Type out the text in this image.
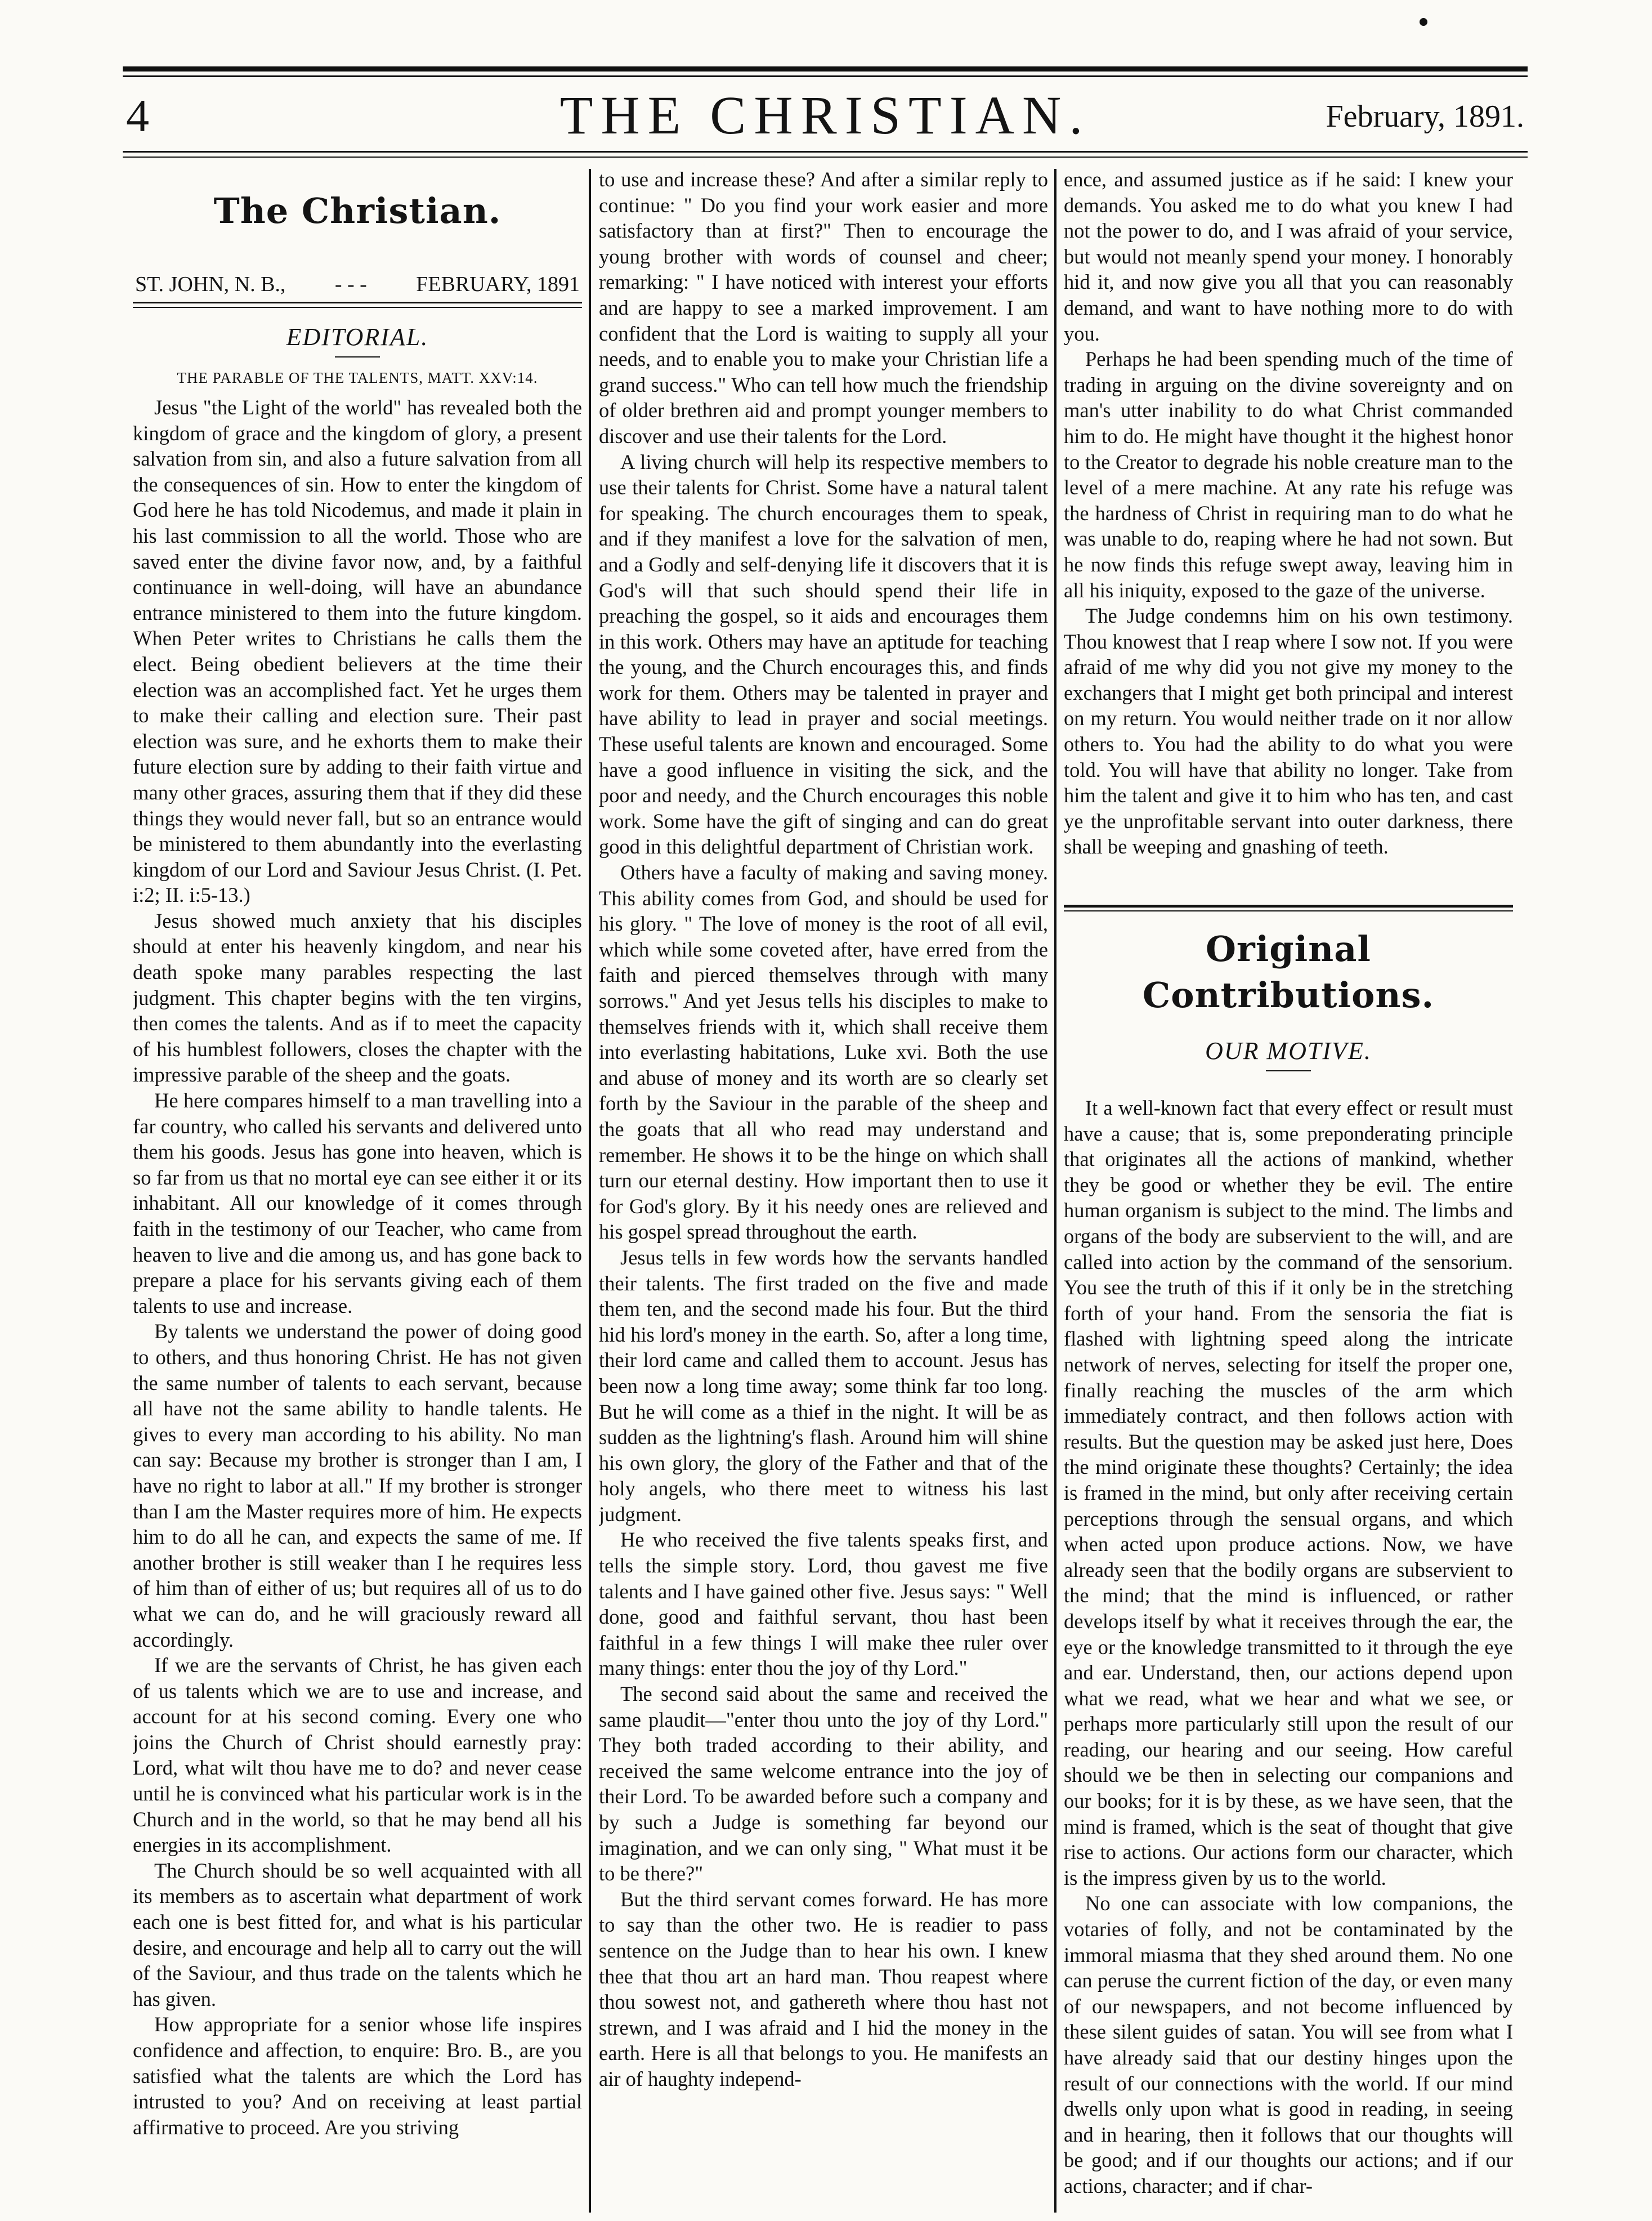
4	THE CHRISTIAN.	February, 1891.
The Christian.
ST. JOHN, N. B., - - - FEBRUARY, 1891
EDITORIAL.
THE PARABLE OF THE TALENTS, MATT. XXV:14.

Jesus "the Light of the world" has revealed both the kingdom of grace and the kingdom of glory, a present salvation from sin, and also a future salvation from all the consequences of sin. How to enter the kingdom of God here he has told Nicodemus, and made it plain in his last commission to all the world. Those who are saved enter the divine favor now, and, by a faithful continuance in well-doing, will have an abundance entrance ministered to them into the future kingdom. When Peter writes to Christians he calls them the elect. Being obedient believers at the time their election was an accomplished fact. Yet he urges them to make their calling and election sure. Their past election was sure, and he exhorts them to make their future election sure by adding to their faith virtue and many other graces, assuring them that if they did these things they would never fall, but so an entrance would be ministered to them abundantly into the everlasting kingdom of our Lord and Saviour Jesus Christ. (I. Pet. i:2; II. i:5-13.)

Jesus showed much anxiety that his disciples should at enter his heavenly kingdom, and near his death spoke many parables respecting the last judgment. This chapter begins with the ten virgins, then comes the talents. And as if to meet the capacity of his humblest followers, closes the chapter with the impressive parable of the sheep and the goats.

He here compares himself to a man travelling into a far country, who called his servants and delivered unto them his goods. Jesus has gone into heaven, which is so far from us that no mortal eye can see either it or its inhabitant. All our knowledge of it comes through faith in the testimony of our Teacher, who came from heaven to live and die among us, and has gone back to prepare a place for his servants giving each of them talents to use and increase.

By talents we understand the power of doing good to others, and thus honoring Christ. He has not given the same number of talents to each servant, because all have not the same ability to handle talents. He gives to every man according to his ability. No man can say: Because my brother is stronger than I am, I have no right to labor at all." If my brother is stronger than I am the Master requires more of him. He expects him to do all he can, and expects the same of me. If another brother is still weaker than I he requires less of him than of either of us; but requires all of us to do what we can do, and he will graciously reward all accordingly.

If we are the servants of Christ, he has given each of us talents which we are to use and increase, and account for at his second coming. Every one who joins the Church of Christ should earnestly pray: Lord, what wilt thou have me to do? and never cease until he is convinced what his particular work is in the Church and in the world, so that he may bend all his energies in its accomplishment.

The Church should be so well acquainted with all its members as to ascertain what department of work each one is best fitted for, and what is his particular desire, and encourage and help all to carry out the will of the Saviour, and thus trade on the talents which he has given.

How appropriate for a senior whose life inspires confidence and affection, to enquire: Bro. B., are you satisfied what the talents are which the Lord has intrusted to you? And on receiving at least partial affirmative to proceed. Are you striving

to use and increase these? And after a similar reply to continue: " Do you find your work easier and more satisfactory than at first?" Then to encourage the young brother with words of counsel and cheer; remarking: " I have noticed with interest your efforts and are happy to see a marked improvement. I am confident that the Lord is waiting to supply all your needs, and to enable you to make your Christian life a grand success." Who can tell how much the friendship of older brethren aid and prompt younger members to discover and use their talents for the Lord.

A living church will help its respective members to use their talents for Christ. Some have a natural talent for speaking. The church encourages them to speak, and if they manifest a love for the salvation of men, and a Godly and self-denying life it discovers that it is God's will that such should spend their life in preaching the gospel, so it aids and encourages them in this work. Others may have an aptitude for teaching the young, and the Church encourages this, and finds work for them. Others may be talented in prayer and have ability to lead in prayer and social meetings. These useful talents are known and encouraged. Some have a good influence in visiting the sick, and the poor and needy, and the Church encourages this noble work. Some have the gift of singing and can do great good in this delightful department of Christian work.

Others have a faculty of making and saving money. This ability comes from God, and should be used for his glory. " The love of money is the root of all evil, which while some coveted after, have erred from the faith and pierced themselves through with many sorrows." And yet Jesus tells his disciples to make to themselves friends with it, which shall receive them into everlasting habitations, Luke xvi. Both the use and abuse of money and its worth are so clearly set forth by the Saviour in the parable of the sheep and the goats that all who read may understand and remember. He shows it to be the hinge on which shall turn our eternal destiny. How important then to use it for God's glory. By it his needy ones are relieved and his gospel spread throughout the earth.

Jesus tells in few words how the servants handled their talents. The first traded on the five and made them ten, and the second made his four. But the third hid his lord's money in the earth. So, after a long time, their lord came and called them to account. Jesus has been now a long time away; some think far too long. But he will come as a thief in the night. It will be as sudden as the lightning's flash. Around him will shine his own glory, the glory of the Father and that of the holy angels, who there meet to witness his last judgment.

He who received the five talents speaks first, and tells the simple story. Lord, thou gavest me five talents and I have gained other five. Jesus says: " Well done, good and faithful servant, thou hast been faithful in a few things I will make thee ruler over many things: enter thou the joy of thy Lord."

The second said about the same and received the same plaudit—"enter thou unto the joy of thy Lord." They both traded according to their ability, and received the same welcome entrance into the joy of their Lord. To be awarded before such a company and by such a Judge is something far beyond our imagination, and we can only sing, " What must it be to be there?"

But the third servant comes forward. He has more to say than the other two. He is readier to pass sentence on the Judge than to hear his own. I knew thee that thou art an hard man. Thou reapest where thou sowest not, and gathereth where thou hast not strewn, and I was afraid and I hid the money in the earth. Here is all that belongs to you. He manifests an air of haughty independ-

ence, and assumed justice as if he said: I knew your demands. You asked me to do what you knew I had not the power to do, and I was afraid of your service, but would not meanly spend your money. I honorably hid it, and now give you all that you can reasonably demand, and want to have nothing more to do with you.

Perhaps he had been spending much of the time of trading in arguing on the divine sovereignty and on man's utter inability to do what Christ commanded him to do. He might have thought it the highest honor to the Creator to degrade his noble creature man to the level of a mere machine. At any rate his refuge was the hardness of Christ in requiring man to do what he was unable to do, reaping where he had not sown. But he now finds this refuge swept away, leaving him in all his iniquity, exposed to the gaze of the universe.

The Judge condemns him on his own testimony. Thou knowest that I reap where I sow not. If you were afraid of me why did you not give my money to the exchangers that I might get both principal and interest on my return. You would neither trade on it nor allow others to. You had the ability to do what you were told. You will have that ability no longer. Take from him the talent and give it to him who has ten, and cast ye the unprofitable servant into outer darkness, there shall be weeping and gnashing of teeth.

Original Contributions.
OUR MOTIVE.

It a well-known fact that every effect or result must have a cause; that is, some preponderating principle that originates all the actions of mankind, whether they be good or whether they be evil. The entire human organism is subject to the mind. The limbs and organs of the body are subservient to the will, and are called into action by the command of the sensorium. You see the truth of this if it only be in the stretching forth of your hand. From the sensoria the fiat is flashed with lightning speed along the intricate network of nerves, selecting for itself the proper one, finally reaching the muscles of the arm which immediately contract, and then follows action with results. But the question may be asked just here, Does the mind originate these thoughts? Certainly; the idea is framed in the mind, but only after receiving certain perceptions through the sensual organs, and which when acted upon produce actions. Now, we have already seen that the bodily organs are subservient to the mind; that the mind is influenced, or rather develops itself by what it receives through the ear, the eye or the knowledge transmitted to it through the eye and ear. Understand, then, our actions depend upon what we read, what we hear and what we see, or perhaps more particularly still upon the result of our reading, our hearing and our seeing. How careful should we be then in selecting our companions and our books; for it is by these, as we have seen, that the mind is framed, which is the seat of thought that give rise to actions. Our actions form our character, which is the impress given by us to the world.

No one can associate with low companions, the votaries of folly, and not be contaminated by the immoral miasma that they shed around them. No one can peruse the current fiction of the day, or even many of our newspapers, and not become influenced by these silent guides of satan. You will see from what I have already said that our destiny hinges upon the result of our connections with the world. If our mind dwells only upon what is good in reading, in seeing and in hearing, then it follows that our thoughts will be good; and if our thoughts our actions; and if our actions, character; and if char-
